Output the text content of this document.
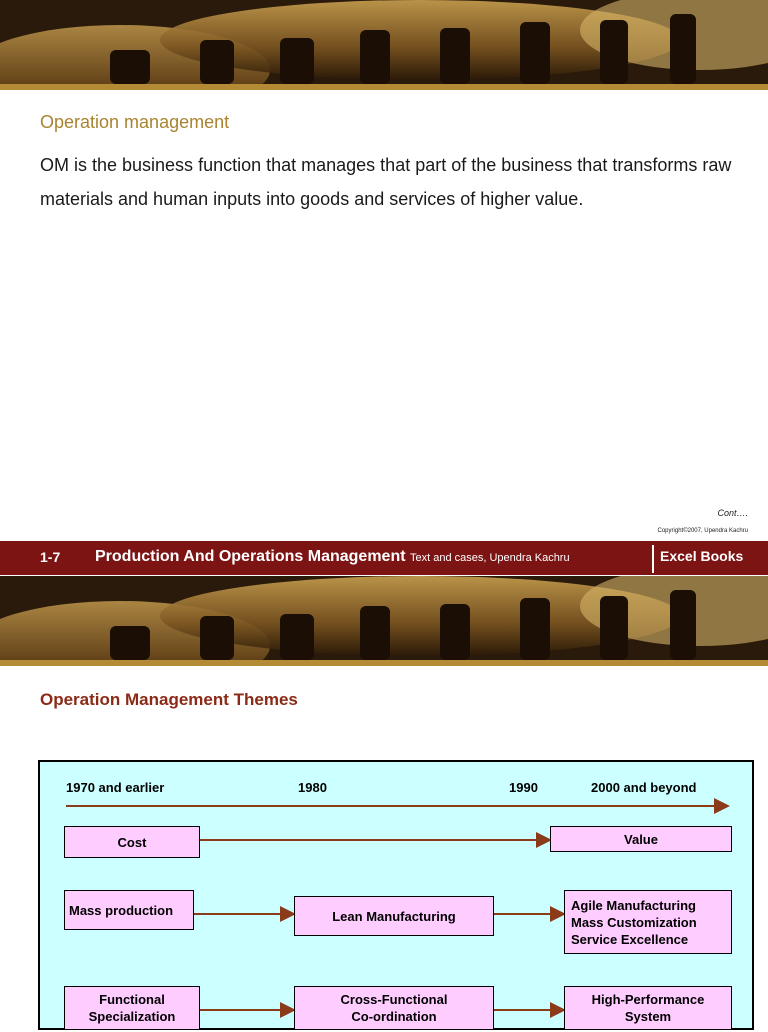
Operation management
OM is the business function that manages that part of the business that transforms raw materials and human inputs into goods and services of higher value.
Cont….
Copyright©2007, Upendra Kachru
1-7 Production And Operations Management Text and cases, Upendra Kachru	Excel Books
Operation Management Themes
1970 and earlier	1980	1990	2000 and beyond
Cost	Value
Mass production	Lean Manufacturing
Agile Manufacturing
Mass Customization
Service Excellence
Functional
Specialization
Cross-Functional
Co-ordination
High-Performance
System
